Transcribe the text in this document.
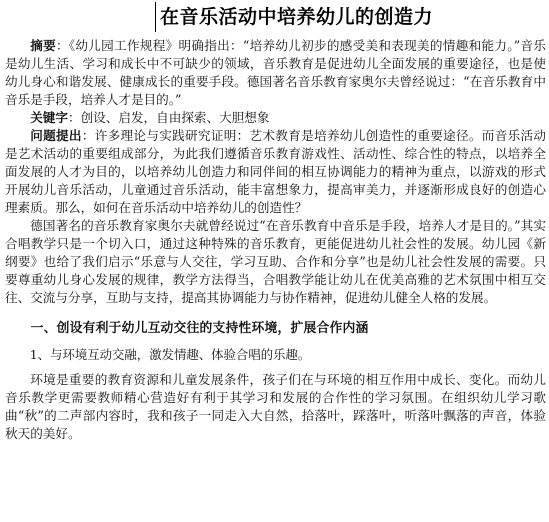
在音乐活动中培养幼儿的创造力

摘要：《幼儿园工作规程》明确指出：“培养幼儿初步的感受美和表现美的情趣和能力。”音乐是幼儿生活、学习和成长中不可缺少的领域，音乐教育是促进幼儿全面发展的重要途径，也是使幼儿身心和谐发展、健康成长的重要手段。德国著名音乐教育家奥尔夫曾经说过：“在音乐教育中音乐是手段，培养人才是目的。”

关键字：创设、启发，自由探索、大胆想象

问题提出：许多理论与实践研究证明：艺术教育是培养幼儿创造性的重要途径。而音乐活动是艺术活动的重要组成部分，为此我们遵循音乐教育游戏性、活动性、综合性的特点，以培养全面发展的人才为目的，以培养幼儿创造力和同伴间的相互协调能力的精神为重点，以游戏的形式开展幼儿音乐活动，儿童通过音乐活动，能丰富想象力，提高审美力，并逐渐形成良好的创造心理素质。那么，如何在音乐活动中培养幼儿的创造性？

德国著名的音乐教育家奥尔夫就曾经说过“在音乐教育中音乐是手段，培养人才是目的。”其实合唱教学只是一个切入口，通过这种特殊的音乐教育，更能促进幼儿社会性的发展。幼儿园《新纲要》也给了我们启示“乐意与人交往，学习互助、合作和分享”也是幼儿社会性发展的需要。只要尊重幼儿身心发展的规律，教学方法得当，合唱教学能让幼儿在优美高雅的艺术氛围中相互交往、交流与分享，互助与支持，提高其协调能力与协作精神，促进幼儿健全人格的发展。

一、创设有利于幼儿互动交往的支持性环境，扩展合作内涵

1、与环境互动交融，激发情趣、体验合唱的乐趣。

环境是重要的教育资源和儿童发展条件，孩子们在与环境的相互作用中成长、变化。而幼儿音乐教学更需要教师精心营造好有利于其学习和发展的合作性的学习氛围。在组织幼儿学习歌曲“秋”的二声部内容时，我和孩子一同走入大自然，拾落叶，踩落叶，听落叶飘落的声音，体验秋天的美好。
